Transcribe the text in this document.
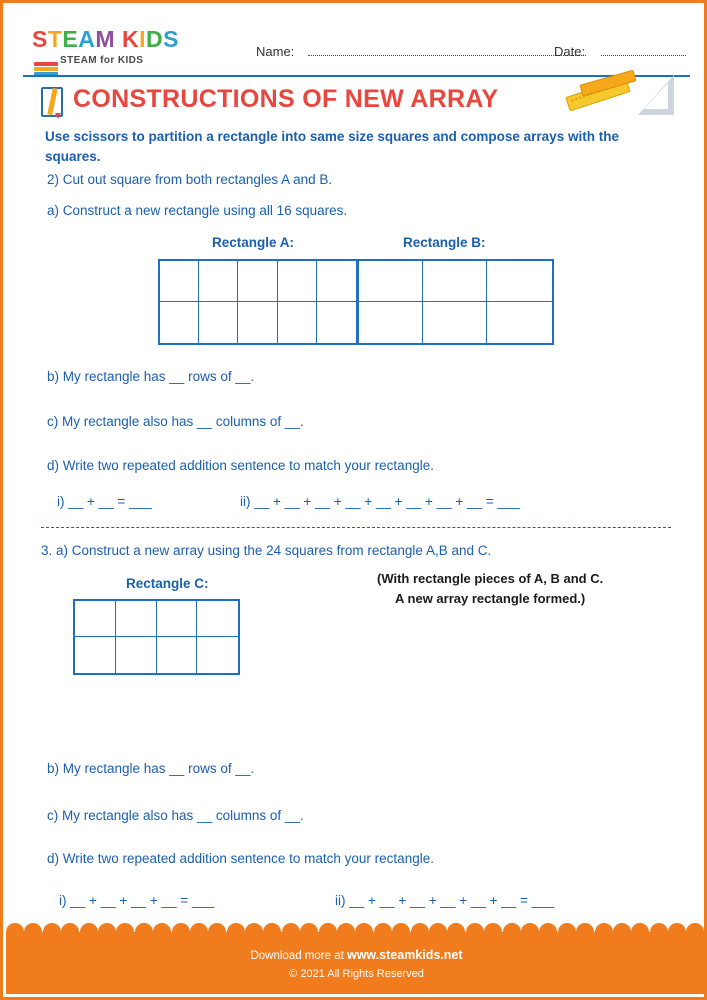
STEAM KIDS
STEAM for KIDS
Name:	Date:
CONSTRUCTIONS OF NEW ARRAY
Use scissors to partition a rectangle into same size squares and compose arrays with the squares.
2) Cut out square from both rectangles A and B.
a) Construct a new rectangle using all 16 squares.
Rectangle A:	Rectangle B:
b) My rectangle has __ rows of __.
c) My rectangle also has __ columns of __.
d) Write two repeated addition sentence to match your rectangle.
i) __ + __ = ___	ii) __ + __ + __ + __ + __ + __ + __ + __ = ___
3. a) Construct a new array using the 24 squares from rectangle A,B and C.
Rectangle C:	(With rectangle pieces of A, B and C.
A new array rectangle formed.)
b) My rectangle has __ rows of __.
c) My rectangle also has __ columns of __.
d) Write two repeated addition sentence to match your rectangle.
i) __ + __ + __ + __ = ___	ii) __ + __ + __ + __ + __ + __ = ___
Download more at www.steamkids.net
© 2021 All Rights Reserved
